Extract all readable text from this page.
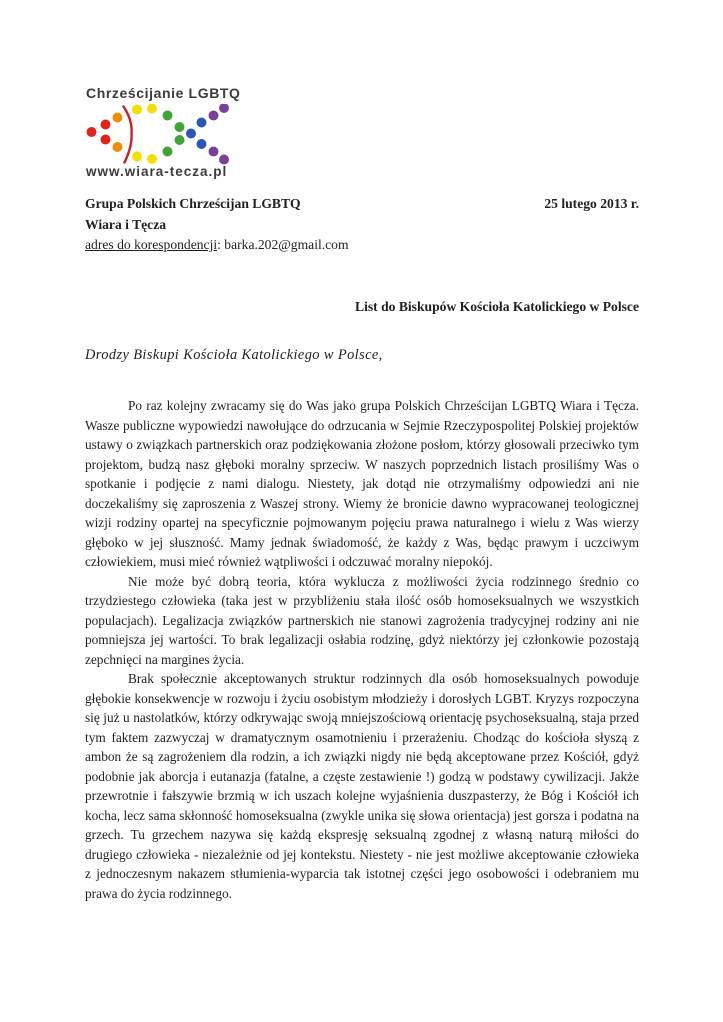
Chrześcijanie LGBTQ
www.wiara-tecza.pl
Grupa Polskich Chrześcijan LGBTQ	25 lutego 2013 r.
Wiara i Tęcza
adres do korespondencji: barka.202@gmail.com
List do Biskupów Kościoła Katolickiego w Polsce
Drodzy Biskupi Kościoła Katolickiego w Polsce,

Po raz kolejny zwracamy się do Was jako grupa Polskich Chrześcijan LGBTQ Wiara i Tęcza. Wasze publiczne wypowiedzi nawołujące do odrzucania w Sejmie Rzeczypospolitej Polskiej projektów ustawy o związkach partnerskich oraz podziękowania złożone posłom, którzy głosowali przeciwko tym projektom, budzą nasz głęboki moralny sprzeciw. W naszych poprzednich listach prosiliśmy Was o spotkanie i podjęcie z nami dialogu. Niestety, jak dotąd nie otrzymaliśmy odpowiedzi ani nie doczekaliśmy się zaproszenia z Waszej strony. Wiemy że bronicie dawno wypracowanej teologicznej wizji rodziny opartej na specyficznie pojmowanym pojęciu prawa naturalnego i wielu z Was wierzy głęboko w jej słuszność. Mamy jednak świadomość, że każdy z Was, będąc prawym i uczciwym człowiekiem, musi mieć również wątpliwości i odczuwać moralny niepokój.

Nie może być dobrą teoria, która wyklucza z możliwości życia rodzinnego średnio co trzydziestego człowieka (taka jest w przybliżeniu stała ilość osób homoseksualnych we wszystkich populacjach). Legalizacja związków partnerskich nie stanowi zagrożenia tradycyjnej rodziny ani nie pomniejsza jej wartości. To brak legalizacji osłabia rodzinę, gdyż niektórzy jej członkowie pozostają zepchnięci na margines życia.

Brak społecznie akceptowanych struktur rodzinnych dla osób homoseksualnych powoduje głębokie konsekwencje w rozwoju i życiu osobistym młodzieży i dorosłych LGBT. Kryzys rozpoczyna się już u nastolatków, którzy odkrywając swoją mniejszościową orientację psychoseksualną, staja przed tym faktem zazwyczaj w dramatycznym osamotnieniu i przerażeniu. Chodząc do kościoła słyszą z ambon że są zagrożeniem dla rodzin, a ich związki nigdy nie będą akceptowane przez Kościół, gdyż podobnie jak aborcja i eutanazja (fatalne, a częste zestawienie !) godzą w podstawy cywilizacji. Jakże przewrotnie i fałszywie brzmią w ich uszach kolejne wyjaśnienia duszpasterzy, że Bóg i Kościół ich kocha, lecz sama skłonność homoseksualna (zwykle unika się słowa orientacja) jest gorsza i podatna na grzech. Tu grzechem nazywa się każdą ekspresję seksualną zgodnej z własną naturą miłości do drugiego człowieka - niezależnie od jej kontekstu. Niestety - nie jest możliwe akceptowanie człowieka z jednoczesnym nakazem stłumienia-wyparcia tak istotnej części jego osobowości i odebraniem mu prawa do życia rodzinnego.
